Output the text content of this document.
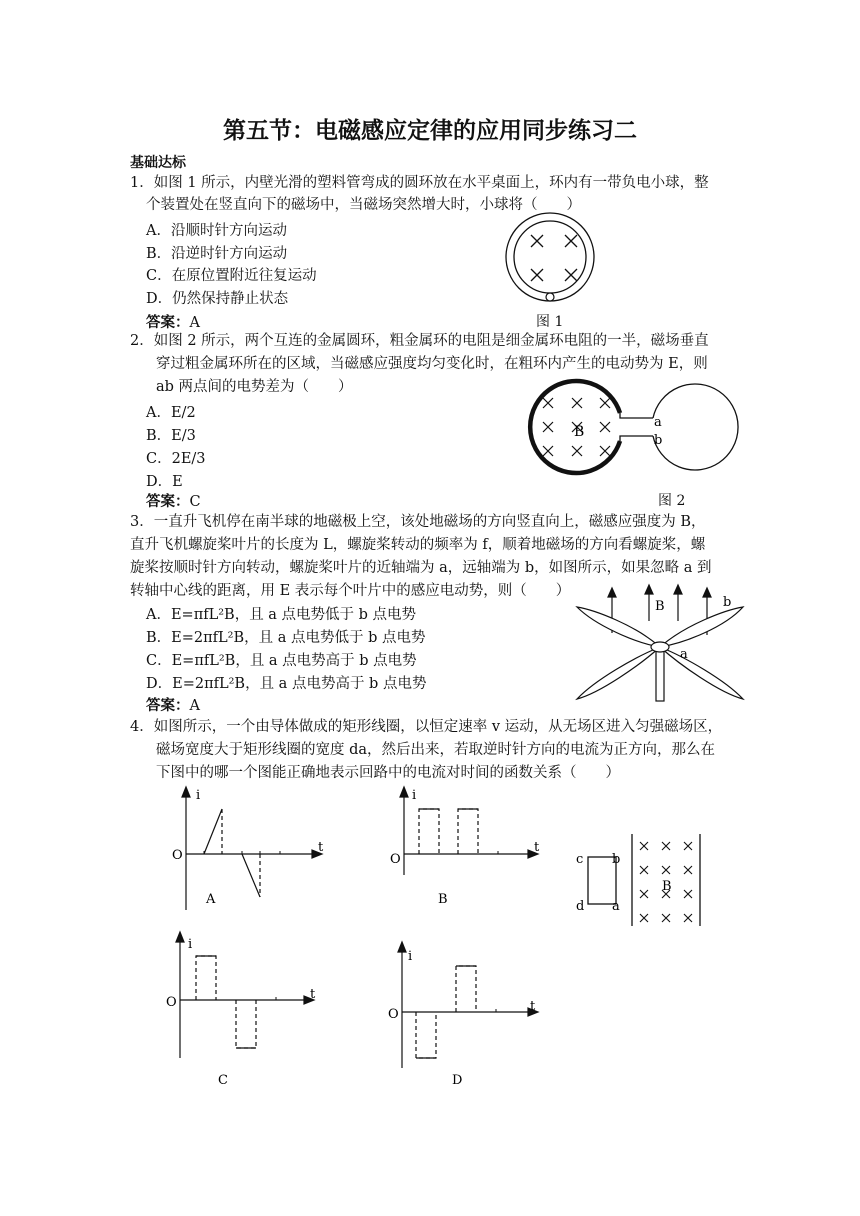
第五节：电磁感应定律的应用同步练习二
基础达标
1．如图 1 所示，内壁光滑的塑料管弯成的圆环放在水平桌面上，环内有一带负电小球，整
个装置处在竖直向下的磁场中，当磁场突然增大时，小球将（　　）
A．沿顺时针方向运动
B．沿逆时针方向运动
C．在原位置附近往复运动
D．仍然保持静止状态
答案：A	图 1
2．如图 2 所示，两个互连的金属圆环，粗金属环的电阻是细金属环电阻的一半，磁场垂直
穿过粗金属环所在的区域，当磁感应强度均匀变化时，在粗环内产生的电动势为 E，则
ab 两点间的电势差为（　　）
A．E/2
B．E/3
C．2E/3
D．E
答案：C	图 2
B
a
b
3．一直升飞机停在南半球的地磁极上空，该处地磁场的方向竖直向上，磁感应强度为 B，
直升飞机螺旋桨叶片的长度为 L，螺旋桨转动的频率为 f，顺着地磁场的方向看螺旋桨，螺
旋桨按顺时针方向转动，螺旋桨叶片的近轴端为 a，远轴端为 b，如图所示，如果忽略 a 到
转轴中心线的距离，用 E 表示每个叶片中的感应电动势，则（　　）
A．E=πfL²B，且 a 点电势低于 b 点电势
B．E=2πfL²B，且 a 点电势低于 b 点电势
C．E=πfL²B，且 a 点电势高于 b 点电势
D．E=2πfL²B，且 a 点电势高于 b 点电势
答案：A
B
a
b
4．如图所示，一个由导体做成的矩形线圈，以恒定速率 v 运动，从无场区进入匀强磁场区，
磁场宽度大于矩形线圈的宽度 da，然后出来，若取逆时针方向的电流为正方向，那么在
下图中的哪一个图能正确地表示回路中的电流对时间的函数关系（　　）
i
t
O
A
i
t
O
B
c b
d a
B
i
t
O
C
i
t
O
D
